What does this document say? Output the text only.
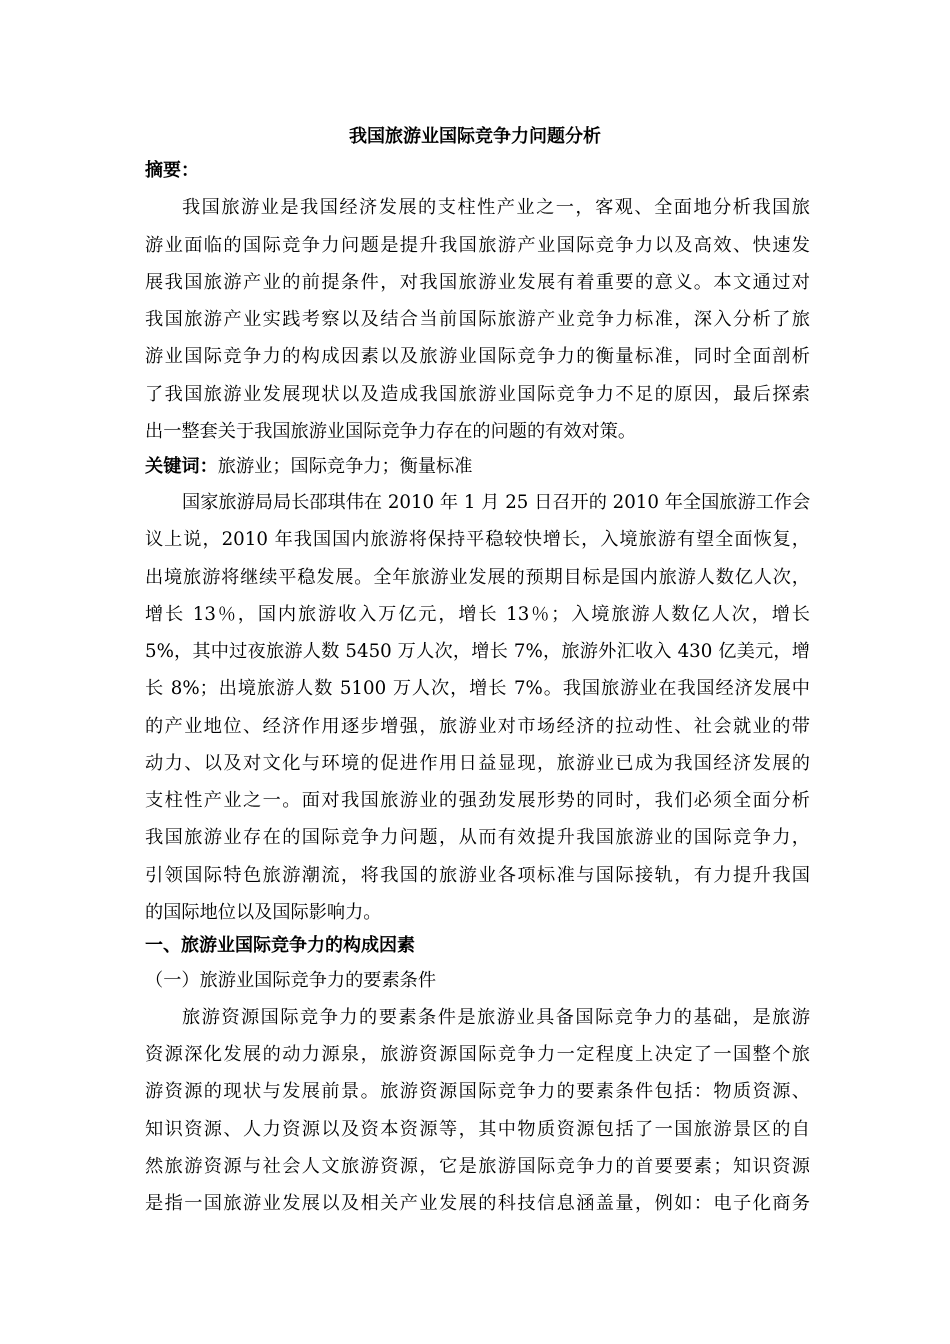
我国旅游业国际竞争力问题分析
摘要：
我国旅游业是我国经济发展的支柱性产业之一，客观、全面地分析我国旅
游业面临的国际竞争力问题是提升我国旅游产业国际竞争力以及高效、快速发
展我国旅游产业的前提条件，对我国旅游业发展有着重要的意义。本文通过对
我国旅游产业实践考察以及结合当前国际旅游产业竞争力标准，深入分析了旅
游业国际竞争力的构成因素以及旅游业国际竞争力的衡量标准，同时全面剖析
了我国旅游业发展现状以及造成我国旅游业国际竞争力不足的原因，最后探索
出一整套关于我国旅游业国际竞争力存在的问题的有效对策。
关键词：旅游业；国际竞争力；衡量标准
国家旅游局局长邵琪伟在 2010 年 1 月 25 日召开的 2010 年全国旅游工作会
议上说，2010 年我国国内旅游将保持平稳较快增长，入境旅游有望全面恢复，
出境旅游将继续平稳发展。全年旅游业发展的预期目标是国内旅游人数亿人次，
增长 13％，国内旅游收入万亿元，增长 13％；入境旅游人数亿人次，增长
5%，其中过夜旅游人数 5450 万人次，增长 7%，旅游外汇收入 430 亿美元，增
长 8%；出境旅游人数 5100 万人次，增长 7%。我国旅游业在我国经济发展中
的产业地位、经济作用逐步增强，旅游业对市场经济的拉动性、社会就业的带
动力、以及对文化与环境的促进作用日益显现，旅游业已成为我国经济发展的
支柱性产业之一。面对我国旅游业的强劲发展形势的同时，我们必须全面分析
我国旅游业存在的国际竞争力问题，从而有效提升我国旅游业的国际竞争力，
引领国际特色旅游潮流，将我国的旅游业各项标准与国际接轨，有力提升我国
的国际地位以及国际影响力。
一、旅游业国际竞争力的构成因素
（一）旅游业国际竞争力的要素条件
旅游资源国际竞争力的要素条件是旅游业具备国际竞争力的基础，是旅游
资源深化发展的动力源泉，旅游资源国际竞争力一定程度上决定了一国整个旅
游资源的现状与发展前景。旅游资源国际竞争力的要素条件包括：物质资源、
知识资源、人力资源以及资本资源等，其中物质资源包括了一国旅游景区的自
然旅游资源与社会人文旅游资源，它是旅游国际竞争力的首要要素；知识资源
是指一国旅游业发展以及相关产业发展的科技信息涵盖量，例如：电子化商务
